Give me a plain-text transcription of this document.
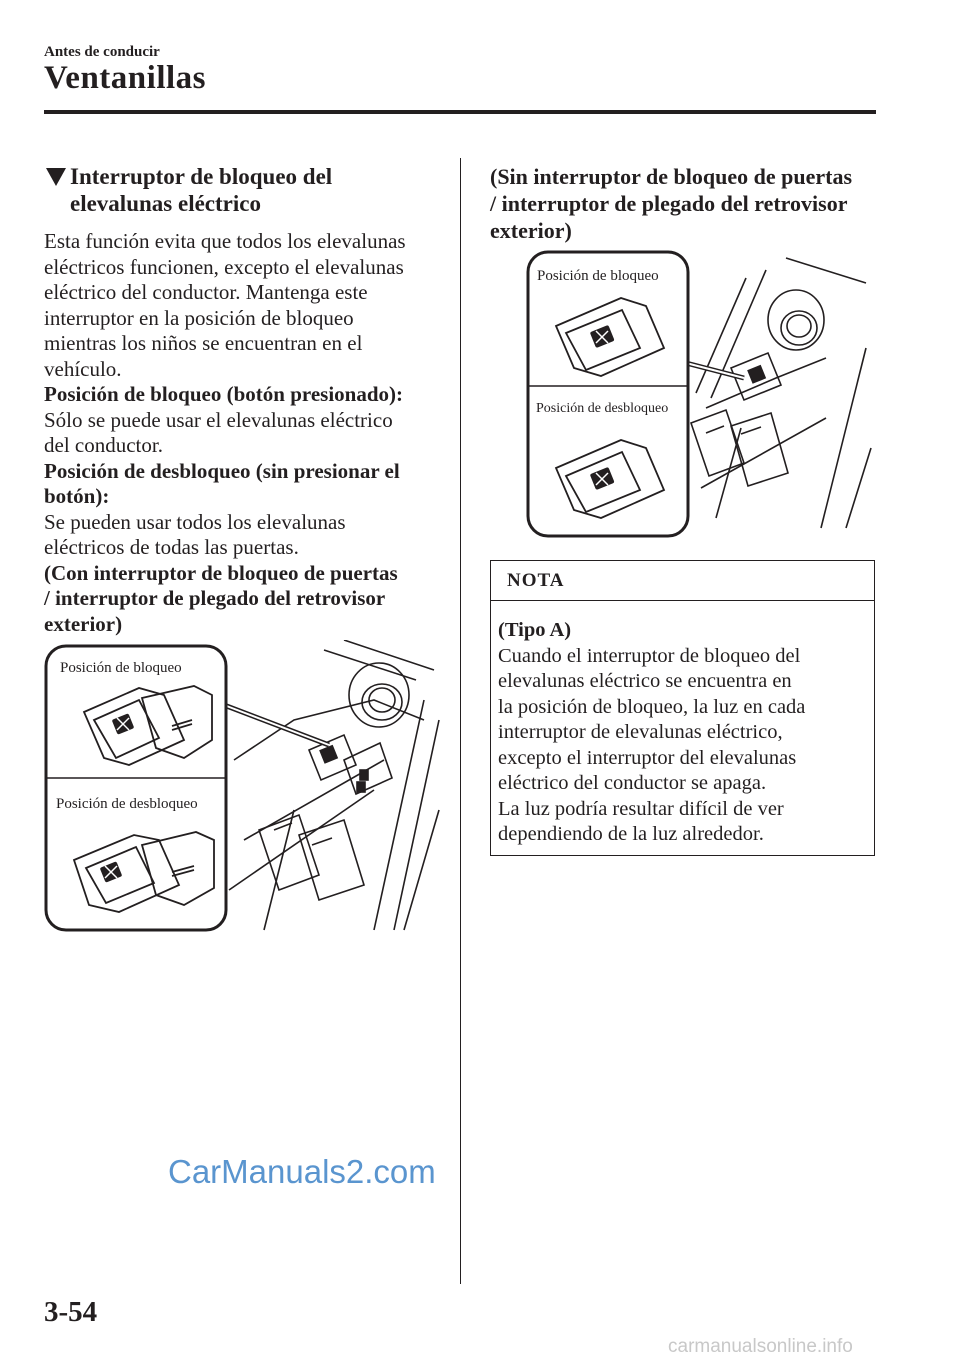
Antes de conducir
Ventanillas
Interruptor de bloqueo del
elevalunas eléctrico
Esta función evita que todos los elevalunas
eléctricos funcionen, excepto el elevalunas
eléctrico del conductor. Mantenga este
interruptor en la posición de bloqueo
mientras los niños se encuentran en el
vehículo.
Posición de bloqueo (botón presionado):
Sólo se puede usar el elevalunas eléctrico
del conductor.
Posición de desbloqueo (sin presionar el
botón):
Se pueden usar todos los elevalunas
eléctricos de todas las puertas.
(Con interruptor de bloqueo de puertas
/ interruptor de plegado del retrovisor
exterior)
Posición de bloqueo
Posición de desbloqueo
(Sin interruptor de bloqueo de puertas
/ interruptor de plegado del retrovisor
exterior)
Posición de bloqueo
Posición de desbloqueo
NOTA
(Tipo A)
Cuando el interruptor de bloqueo del
elevalunas eléctrico se encuentra en
la posición de bloqueo, la luz en cada
interruptor de elevalunas eléctrico,
excepto el interruptor del elevalunas
eléctrico del conductor se apaga.
La luz podría resultar difícil de ver
dependiendo de la luz alrededor.
CarManuals2.com
3-54
carmanualsonline.info
